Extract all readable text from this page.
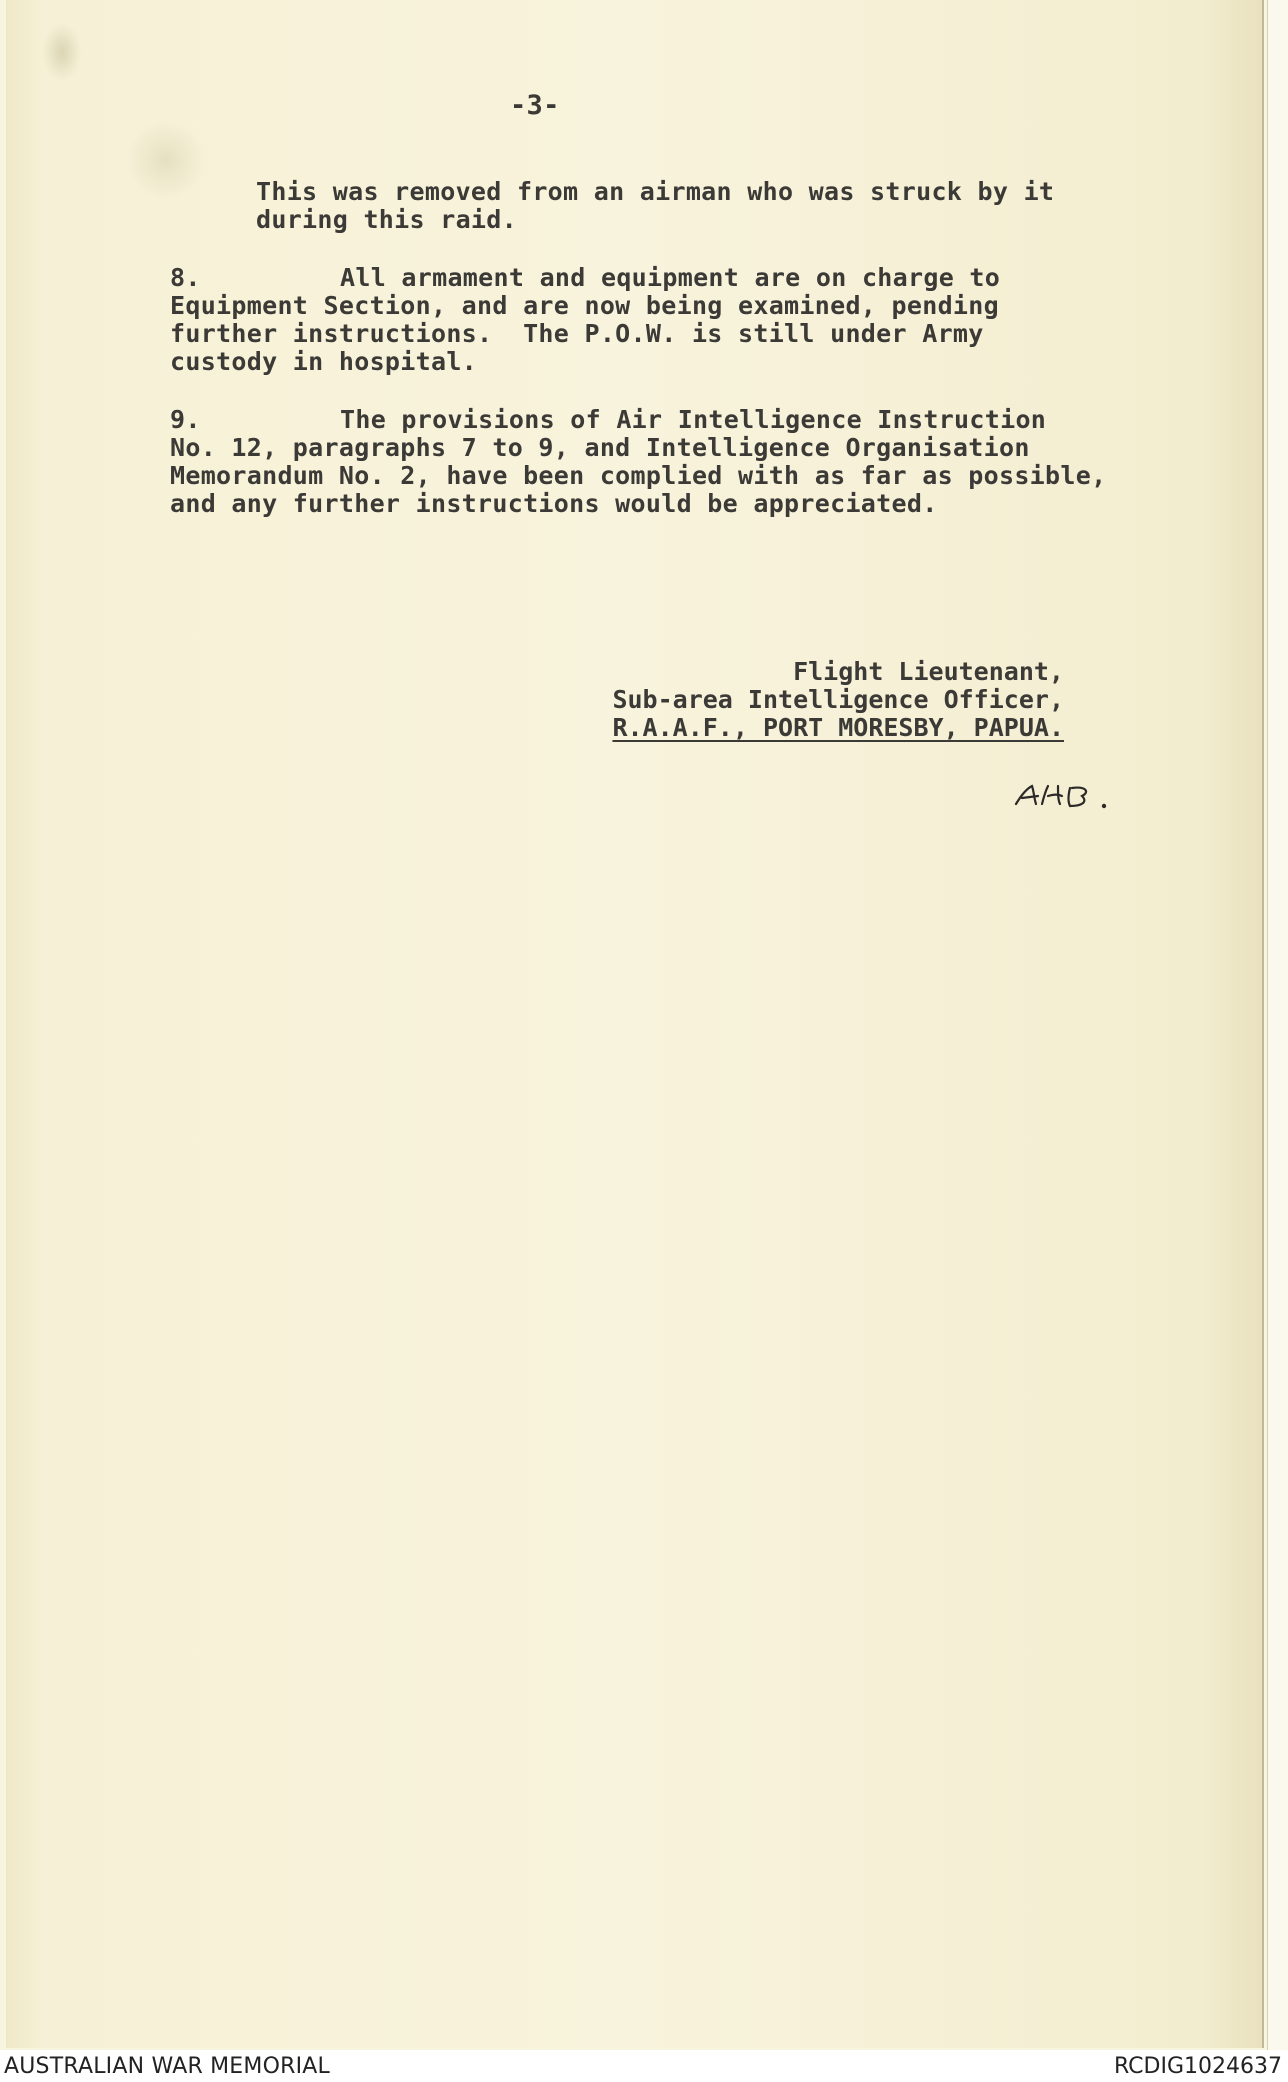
-3-
This was removed from an airman who was struck by it
during this raid.
8.	All armament and equipment are on charge to
Equipment Section, and are now being examined, pending
further instructions.  The P.O.W. is still under Army
custody in hospital.
9.	The provisions of Air Intelligence Instruction
No. 12, paragraphs 7 to 9, and Intelligence Organisation
Memorandum No. 2, have been complied with as far as possible,
and any further instructions would be appreciated.
Flight Lieutenant,
Sub-area Intelligence Officer,
R.A.A.F., PORT MORESBY, PAPUA.
AUSTRALIAN WAR MEMORIAL	RCDIG1024637
